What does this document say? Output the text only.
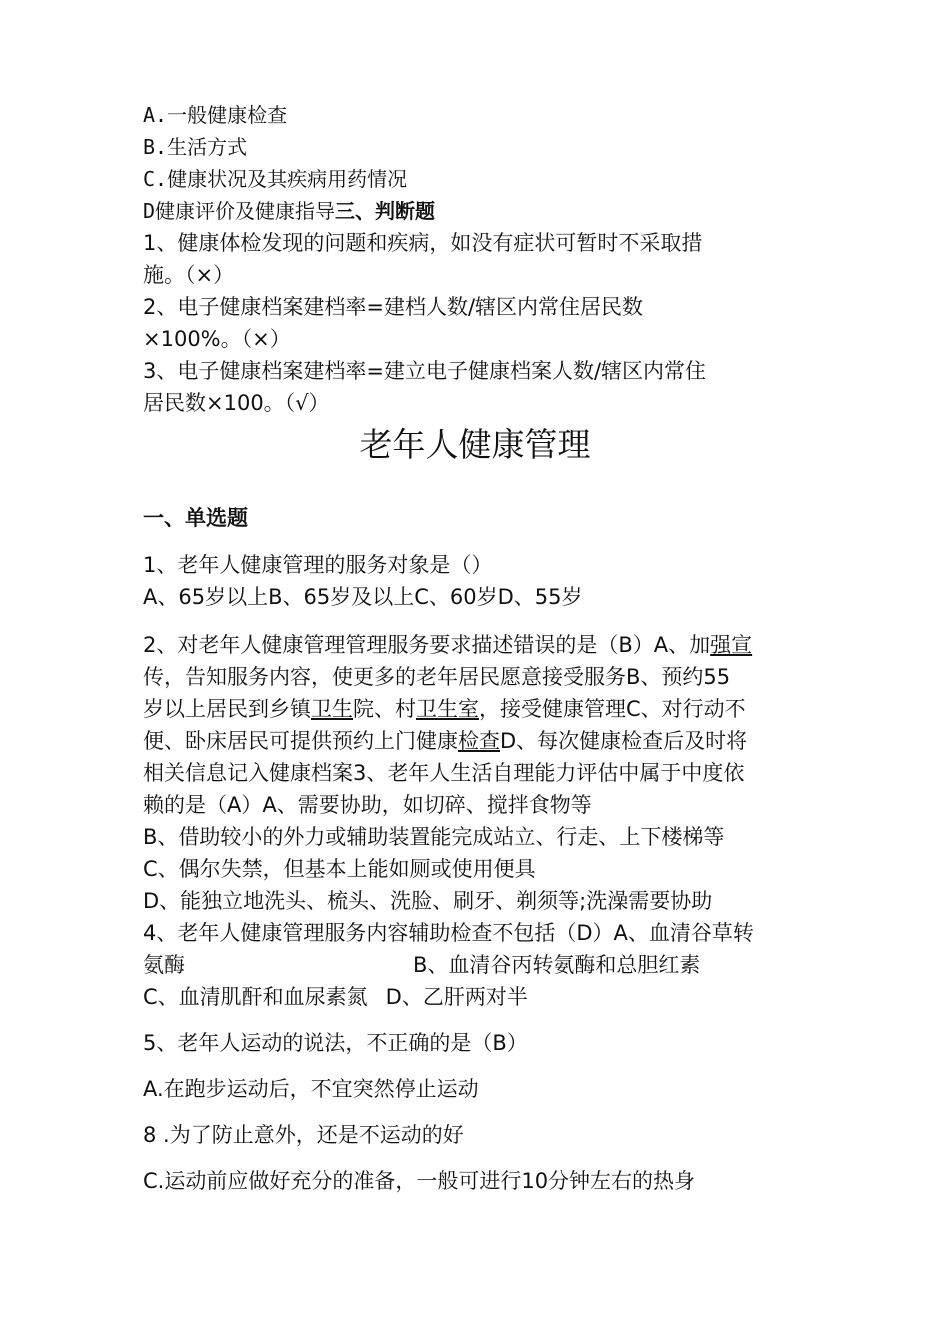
A.一般健康检查
B.生活方式
C.健康状况及其疾病用药情况
D健康评价及健康指导三、判断题
1、健康体检发现的问题和疾病，如没有症状可暂时不采取措
施。（×）
2、电子健康档案建档率=建档人数/辖区内常住居民数
×100%。（×）
3、电子健康档案建档率=建立电子健康档案人数/辖区内常住
居民数×100。（√）
老年人健康管理
一、单选题
1、老年人健康管理的服务对象是（）
A、65岁以上B、65岁及以上C、60岁D、55岁
2、对老年人健康管理管理服务要求描述错误的是（B）A、加强宣
传，告知服务内容，使更多的老年居民愿意接受服务B、预约55
岁以上居民到乡镇卫生院、村卫生室，接受健康管理C、对行动不
便、卧床居民可提供预约上门健康检查D、每次健康检查后及时将
相关信息记入健康档案3、老年人生活自理能力评估中属于中度依
赖的是（A）A、需要协助，如切碎、搅拌食物等
B、借助较小的外力或辅助装置能完成站立、行走、上下楼梯等
C、偶尔失禁，但基本上能如厕或使用便具
D、能独立地洗头、梳头、洗脸、刷牙、剃须等;洗澡需要协助
4、老年人健康管理服务内容辅助检查不包括（D）A、血清谷草转
氨酶	B、血清谷丙转氨酶和总胆红素
C、血清肌酐和血尿素氮 D、乙肝两对半
5、老年人运动的说法，不正确的是（B）
A.在跑步运动后，不宜突然停止运动
8 .为了防止意外，还是不运动的好
C.运动前应做好充分的准备，一般可进行10分钟左右的热身
